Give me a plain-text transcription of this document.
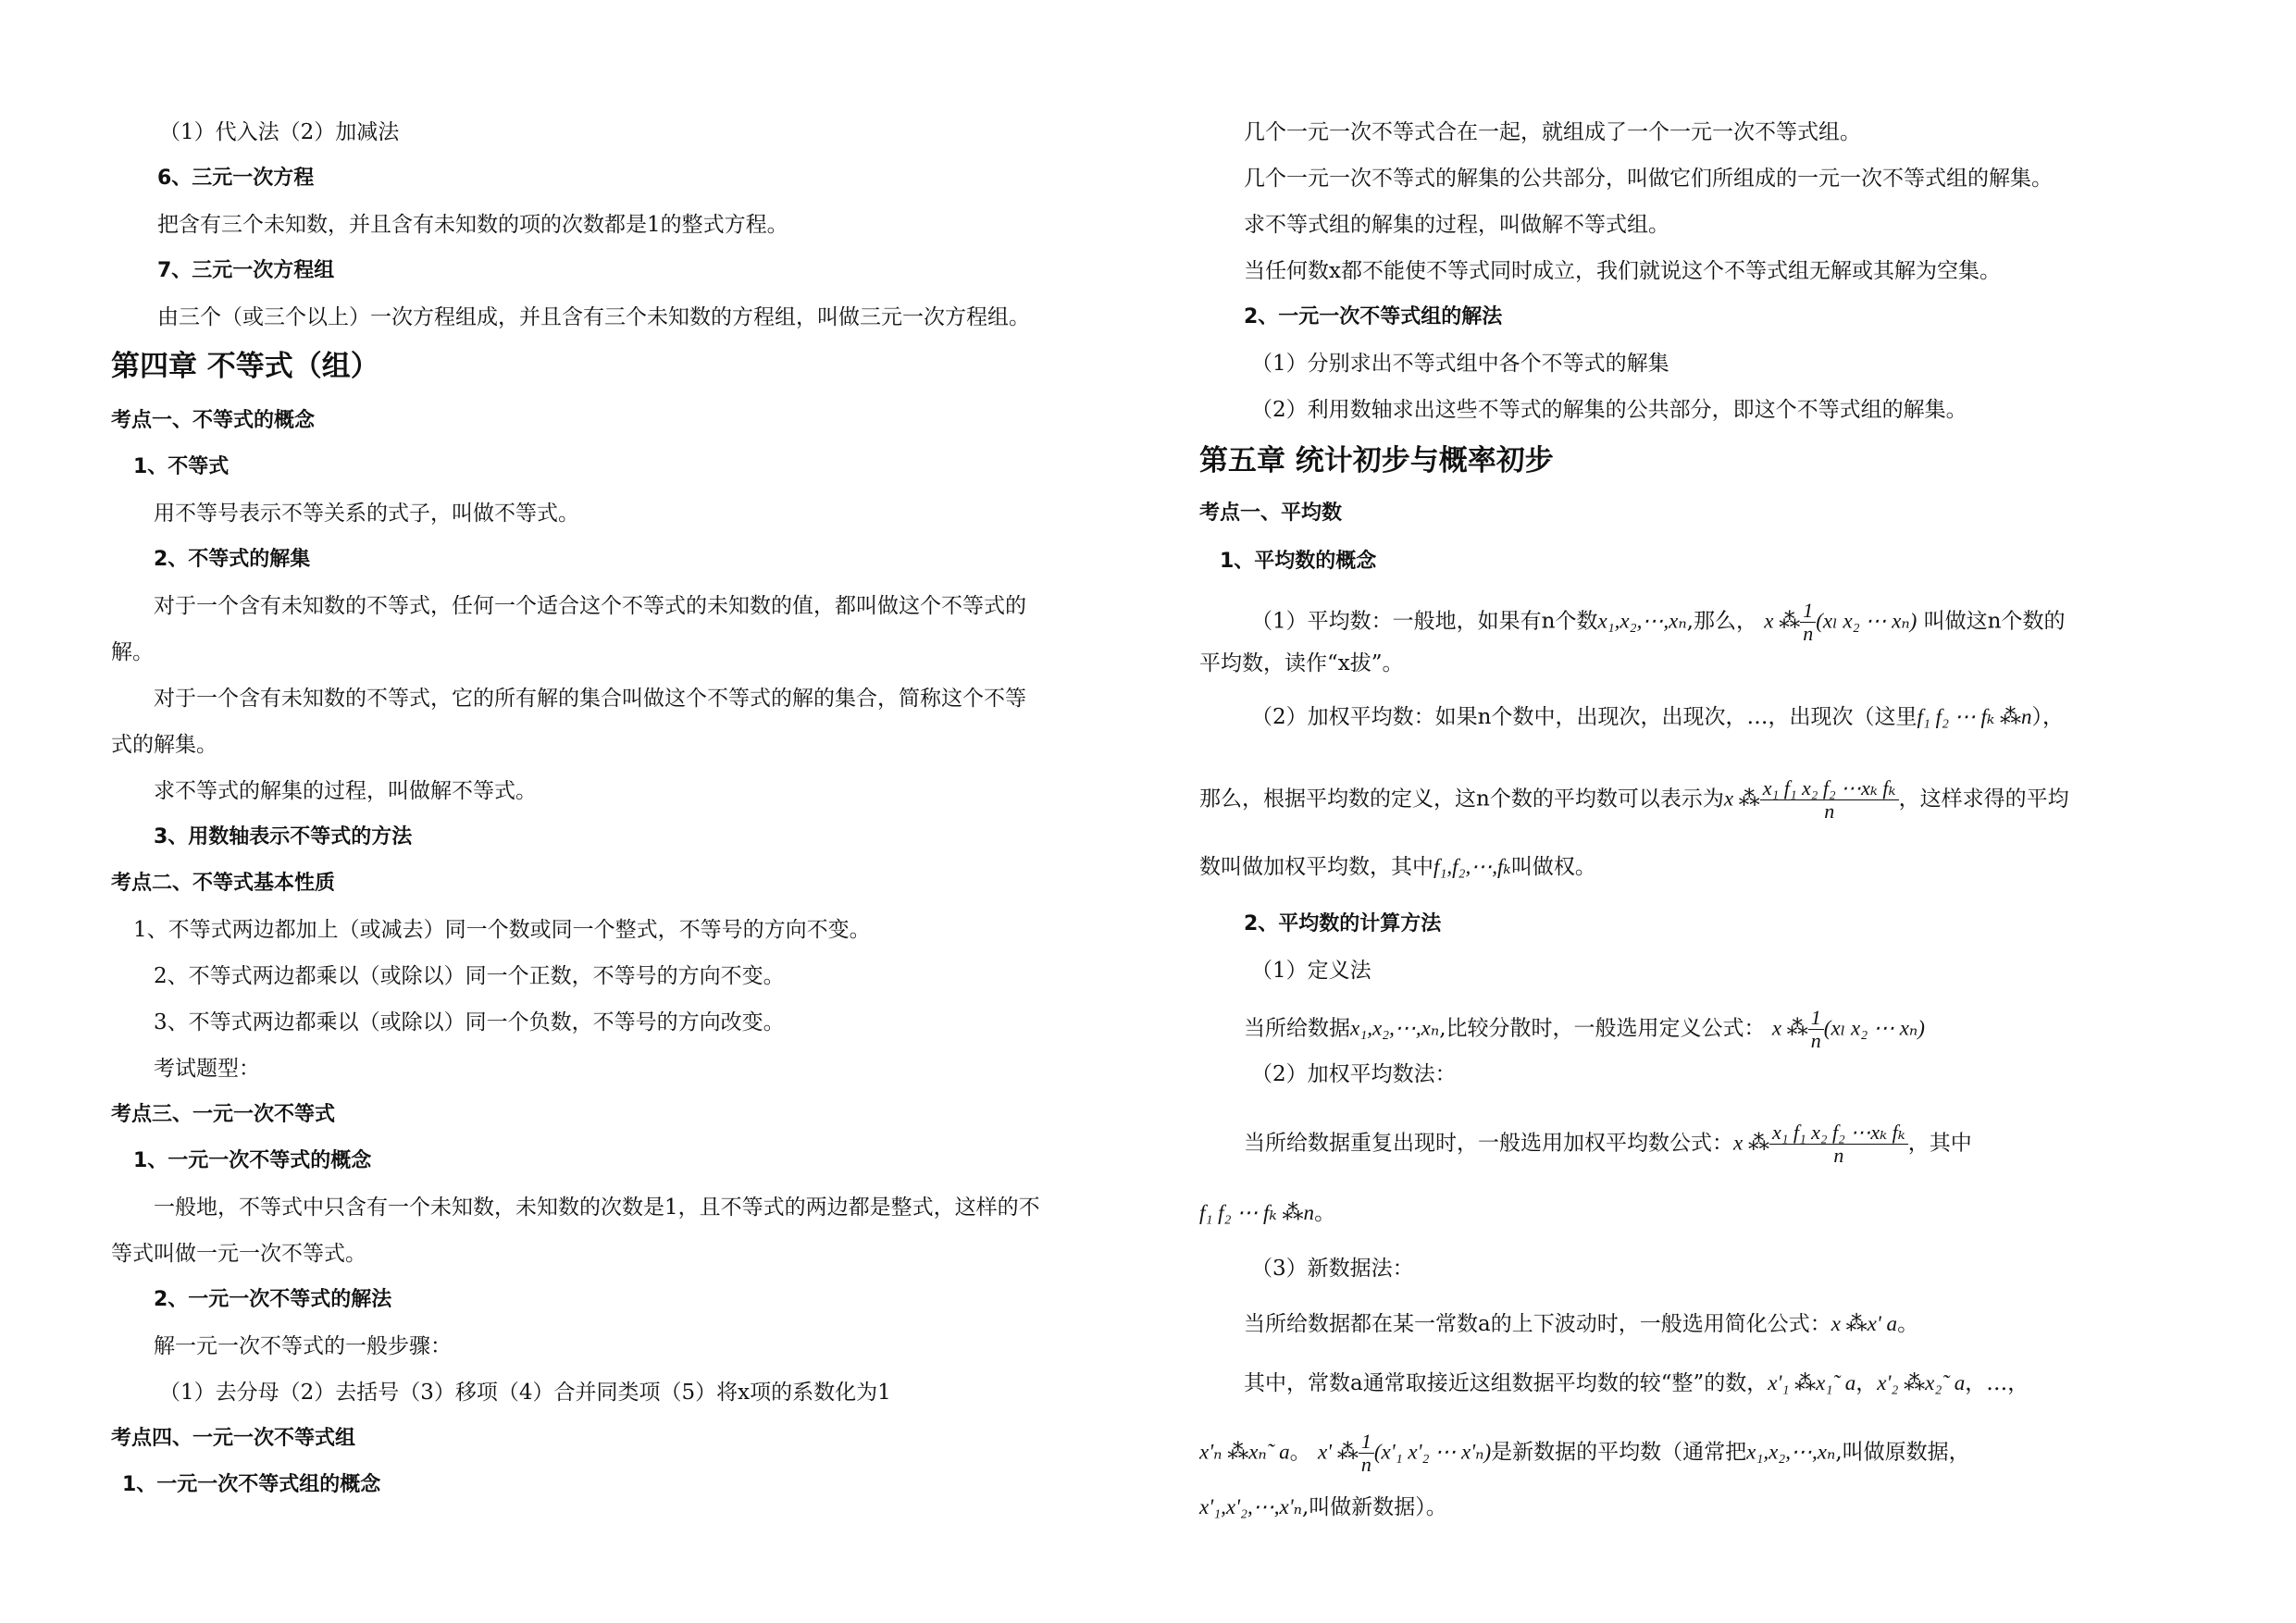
（1）代入法（2）加减法
6、三元一次方程
把含有三个未知数，并且含有未知数的项的次数都是1的整式方程。
7、三元一次方程组
由三个（或三个以上）一次方程组成，并且含有三个未知数的方程组，叫做三元一次方程组。
第四章 不等式（组）
考点一、不等式的概念
1、不等式
用不等号表示不等关系的式子，叫做不等式。
2、不等式的解集
对于一个含有未知数的不等式，任何一个适合这个不等式的未知数的值，都叫做这个不等式的
解。
对于一个含有未知数的不等式，它的所有解的集合叫做这个不等式的解的集合，简称这个不等
式的解集。
求不等式的解集的过程，叫做解不等式。
3、用数轴表示不等式的方法
考点二、不等式基本性质
1、不等式两边都加上（或减去）同一个数或同一个整式，不等号的方向不变。
2、不等式两边都乘以（或除以）同一个正数，不等号的方向不变。
3、不等式两边都乘以（或除以）同一个负数，不等号的方向改变。
考试题型：
考点三、一元一次不等式
1、一元一次不等式的概念
一般地，不等式中只含有一个未知数，未知数的次数是1，且不等式的两边都是整式，这样的不
等式叫做一元一次不等式。
2、一元一次不等式的解法
解一元一次不等式的一般步骤：
（1）去分母（2）去括号（3）移项（4）合并同类项（5）将x项的系数化为1
考点四、一元一次不等式组
1、一元一次不等式组的概念
几个一元一次不等式合在一起，就组成了一个一元一次不等式组。
几个一元一次不等式的解集的公共部分，叫做它们所组成的一元一次不等式组的解集。
求不等式组的解集的过程，叫做解不等式组。
当任何数x都不能使不等式同时成立，我们就说这个不等式组无解或其解为空集。
2、一元一次不等式组的解法
（1）分别求出不等式组中各个不等式的解集
（2）利用数轴求出这些不等式的解集的公共部分，即这个不等式组的解集。
第五章 统计初步与概率初步
考点一、平均数
1、平均数的概念
（1）平均数：一般地，如果有n个数x₁,x₂,⋯,xₙ,那么， x ⁂ $\frac{1}{n} (x_l$ x₂ ⋯ xₙ) 叫做这n个数的
平均数，读作“x拔”。
（2）加权平均数：如果n个数中，出现次，出现次，…，出现次（这里f₁ f₂ ⋯ fₖ ⁂n），
那么，根据平均数的定义，这n个数的平均数可以表示为x ⁂ $\frac{\text{x₁ f₁ x₂ f₂ ⋯xₖ fₖ}}{n}$ ，这样求得的平均
数叫做加权平均数，其中f₁,f₂,⋯,fₖ叫做权。
2、平均数的计算方法
（1）定义法
当所给数据x₁,x₂,⋯,xₙ,比较分散时，一般选用定义公式： x ⁂ $\frac{1}{n} (x_l$ x₂ ⋯ xₙ)
（2）加权平均数法：
当所给数据重复出现时，一般选用加权平均数公式：x ⁂ $\frac{\text{x₁ f₁ x₂ f₂ ⋯xₖ fₖ}}{n}$ ，其中
f₁ f₂ ⋯ fₖ ⁂n。
（3）新数据法：
当所给数据都在某一常数a的上下波动时，一般选用简化公式：x ⁂x' a。
其中，常数a通常取接近这组数据平均数的较“整”的数，x'₁ ⁂x₁˜ a，x'₂ ⁂x₂˜ a，…，
x'ₙ ⁂xₙ˜ a。 x' ⁂ $\frac{1}{n} (x'_1$ x'₂ ⋯ x'ₙ)是新数据的平均数（通常把x₁,x₂,⋯,xₙ,叫做原数据，
x'₁,x'₂,⋯,x'ₙ,叫做新数据）。
